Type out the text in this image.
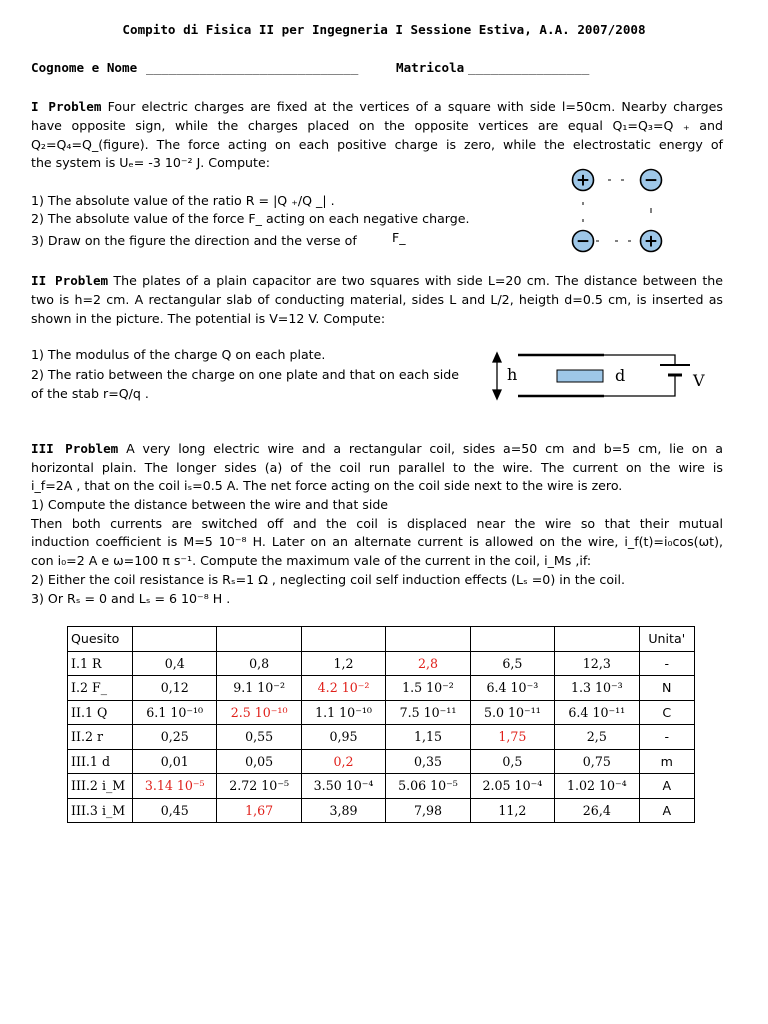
Compito di Fisica II per Ingegneria I Sessione Estiva, A.A. 2007/2008
Cognome e Nome ____________________________	Matricola ________________
I Problem Four electric charges are fixed at the vertices of a square with side l=50cm. Nearby charges
have opposite sign, while the charges placed on the opposite vertices are equal Q₁=Q₃=Q ₊ and
Q₂=Q₄=Q_(figure). The force acting on each positive charge is zero, while the electrostatic energy of
the system is Uₑ= -3 10⁻² J. Compute:
1) The absolute value of the ratio R = |Q ₊/Q _| .
2) The absolute value of the force F_ acting on each negative charge.
3) Draw on the figure the direction and the verse of	F_
+	−
−	+
II Problem The plates of a plain capacitor are two squares with side L=20 cm. The distance between the
two is h=2 cm. A rectangular slab of conducting material, sides L and L/2, heigth d=0.5 cm, is inserted as
shown in the picture. The potential is V=12 V. Compute:
1) The modulus of the charge Q on each plate.
2) The ratio between the charge on one plate and that on each side
of the stab r=Q/q .
h	d	V
III Problem A very long electric wire and a rectangular coil, sides a=50 cm and b=5 cm, lie on a
horizontal plain. The longer sides (a) of the coil run parallel to the wire. The current on the wire is
i_f=2A , that on the coil iₛ=0.5 A. The net force acting on the coil side next to the wire is zero.
1) Compute the distance between the wire and that side
Then both currents are switched off and the coil is displaced near the wire so that their mutual
induction coefficient is M=5 10⁻⁸ H. Later on an alternate current is allowed on the wire, i_f(t)=i₀cos(ωt),
con i₀=2 A e ω=100 π s⁻¹. Compute the maximum vale of the current in the coil, i_Ms ,if:
2) Either the coil resistance is Rₛ=1 Ω , neglecting coil self induction effects (Lₛ =0) in the coil.
3) Or Rₛ = 0 and Lₛ = 6 10⁻⁸ H .
Quesito							Unita'
I.1 R	0,4	0,8	1,2	2,8	6,5	12,3	-
I.2 F_	0,12	9.1 10⁻²	4.2 10⁻²	1.5 10⁻²	6.4 10⁻³	1.3 10⁻³	N
II.1 Q	6.1 10⁻¹⁰	2.5 10⁻¹⁰	1.1 10⁻¹⁰	7.5 10⁻¹¹	5.0 10⁻¹¹	6.4 10⁻¹¹	C
II.2 r	0,25	0,55	0,95	1,15	1,75	2,5	-
III.1 d	0,01	0,05	0,2	0,35	0,5	0,75	m
III.2 i_M	3.14 10⁻⁵	2.72 10⁻⁵	3.50 10⁻⁴	5.06 10⁻⁵	2.05 10⁻⁴	1.02 10⁻⁴	A
III.3 i_M	0,45	1,67	3,89	7,98	11,2	26,4	A
